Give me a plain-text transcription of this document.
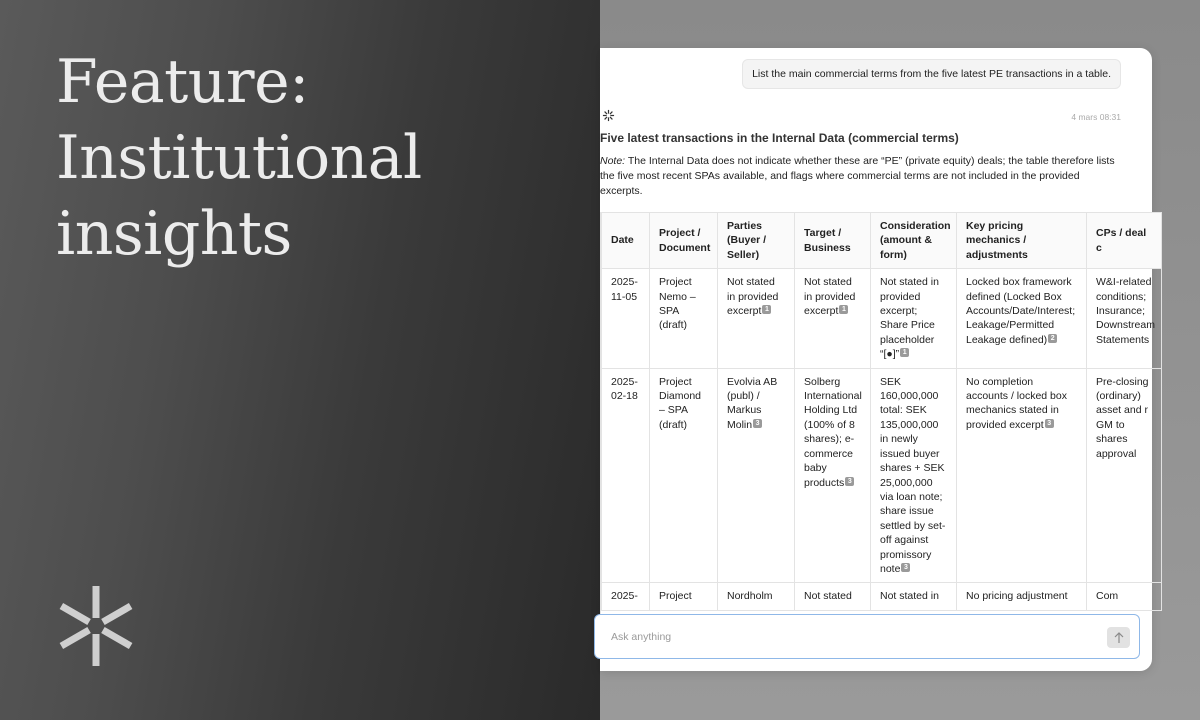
Feature:
Institutional
insights
List the main commercial terms from the five latest PE transactions in a table.
4 mars 08:31
Five latest transactions in the Internal Data (commercial terms)

Note: The Internal Data does not indicate whether these are “PE” (private equity) deals; the table therefore lists the five most recent SPAs available, and flags where commercial terms are not included in the provided excerpts.

Date	Project / Document	Parties (Buyer / Seller)	Target / Business	Consideration (amount & form)	Key pricing mechanics / adjustments	CPs / deal c
2025-11-05	Project Nemo – SPA (draft)	Not stated in provided excerpt 1	Not stated in provided excerpt 1	Not stated in provided excerpt; Share Price placeholder “[●]” 1	Locked box framework defined (Locked Box Accounts/Date/Interest; Leakage/Permitted Leakage defined) 2	W&I-related conditions; Insurance; Downstream Statements
2025-02-18	Project Diamond – SPA (draft)	Evolvia AB (publ) / Markus Molin 3	Solberg International Holding Ltd (100% of 8 shares); e-commerce baby products 3	SEK 160,000,000 total: SEK 135,000,000 in newly issued buyer shares + SEK 25,000,000 via loan note; share issue settled by set-off against promissory note 3	No completion accounts / locked box mechanics stated in provided excerpt 3	Pre-closing (ordinary) asset and r GM to shares approval
2025-	Project	Nordholm	Not stated	Not stated in	No pricing adjustment	Com
Ask anything
